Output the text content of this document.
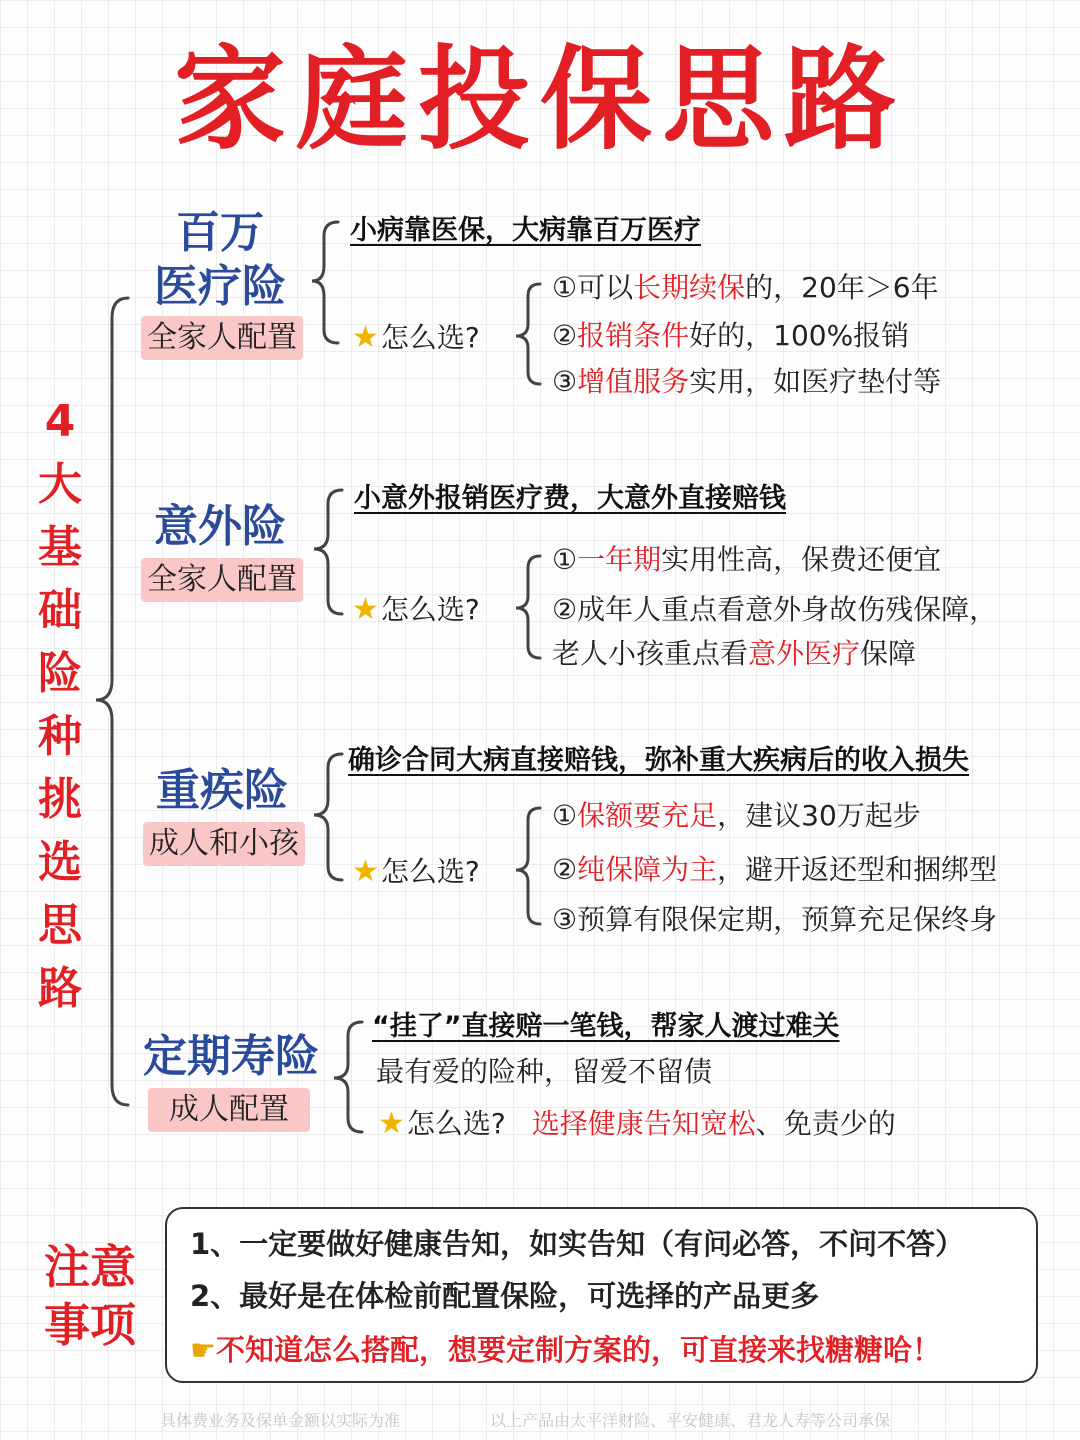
家庭投保思路
4
大
基
础
险
种
挑
选
思
路
百万
医疗险
全家人配置
小病靠医保，大病靠百万医疗
★怎么选?
①可以长期续保的，20年＞6年
②报销条件好的，100%报销
③增值服务实用，如医疗垫付等
意外险
全家人配置
小意外报销医疗费，大意外直接赔钱
★怎么选?
①一年期实用性高，保费还便宜
②成年人重点看意外身故伤残保障，
老人小孩重点看意外医疗保障
重疾险
成人和小孩
确诊合同大病直接赔钱，弥补重大疾病后的收入损失
★怎么选?
①保额要充足，建议30万起步
②纯保障为主，避开返还型和捆绑型
③预算有限保定期，预算充足保终身
定期寿险
成人配置
“挂了”直接赔一笔钱，帮家人渡过难关
最有爱的险种，留爱不留债
★怎么选? 选择健康告知宽松、免责少的
注意
事项
1、一定要做好健康告知，如实告知（有问必答，不问不答）
2、最好是在体检前配置保险，可选择的产品更多
☛不知道怎么搭配，想要定制方案的，可直接来找糖糖哈！
具体费业务及保单金额以实际为准	以上产品由太平洋财险、平安健康、君龙人寿等公司承保
